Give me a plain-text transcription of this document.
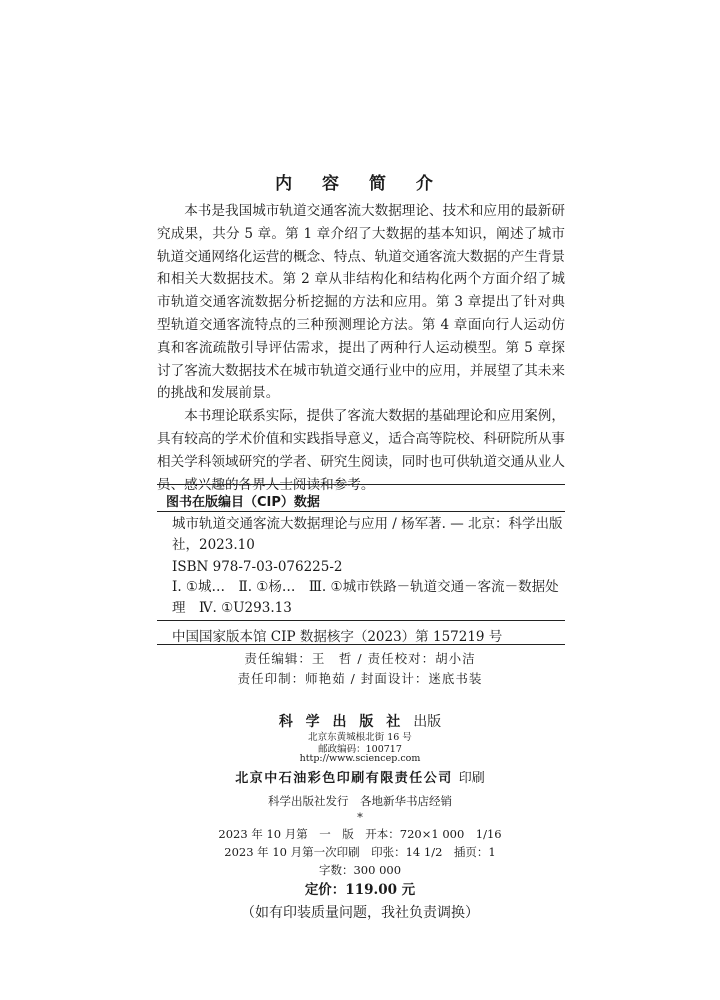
内 容 简 介

本书是我国城市轨道交通客流大数据理论、技术和应用的最新研究成果，共分 5 章。第 1 章介绍了大数据的基本知识，阐述了城市轨道交通网络化运营的概念、特点、轨道交通客流大数据的产生背景和相关大数据技术。第 2 章从非结构化和结构化两个方面介绍了城市轨道交通客流数据分析挖掘的方法和应用。第 3 章提出了针对典型轨道交通客流特点的三种预测理论方法。第 4 章面向行人运动仿真和客流疏散引导评估需求，提出了两种行人运动模型。第 5 章探讨了客流大数据技术在城市轨道交通行业中的应用，并展望了其未来的挑战和发展前景。

本书理论联系实际，提供了客流大数据的基础理论和应用案例，具有较高的学术价值和实践指导意义，适合高等院校、科研院所从事相关学科领域研究的学者、研究生阅读，同时也可供轨道交通从业人员、感兴趣的各界人士阅读和参考。

图书在版编目（CIP）数据
城市轨道交通客流大数据理论与应用 / 杨军著. — 北京：科学出版社，2023.10
ISBN 978-7-03-076225-2
Ⅰ. ①城…　Ⅱ. ①杨…　Ⅲ. ①城市铁路－轨道交通－客流－数据处理　Ⅳ. ①U293.13
中国国家版本馆 CIP 数据核字（2023）第 157219 号
责任编辑：王　哲 / 责任校对：胡小洁
责任印制：师艳茹 / 封面设计：迷底书装
科 学 出 版 社 出版
北京东黄城根北街 16 号
邮政编码：100717
http://www.sciencep.com
北京中石油彩色印刷有限责任公司 印刷
科学出版社发行　各地新华书店经销
*
2023 年 10 月第　一　版　开本：720×1 000　1/16
2023 年 10 月第一次印刷　印张：14 1/2　插页：1
字数：300 000
定价：119.00 元
（如有印装质量问题，我社负责调换）
